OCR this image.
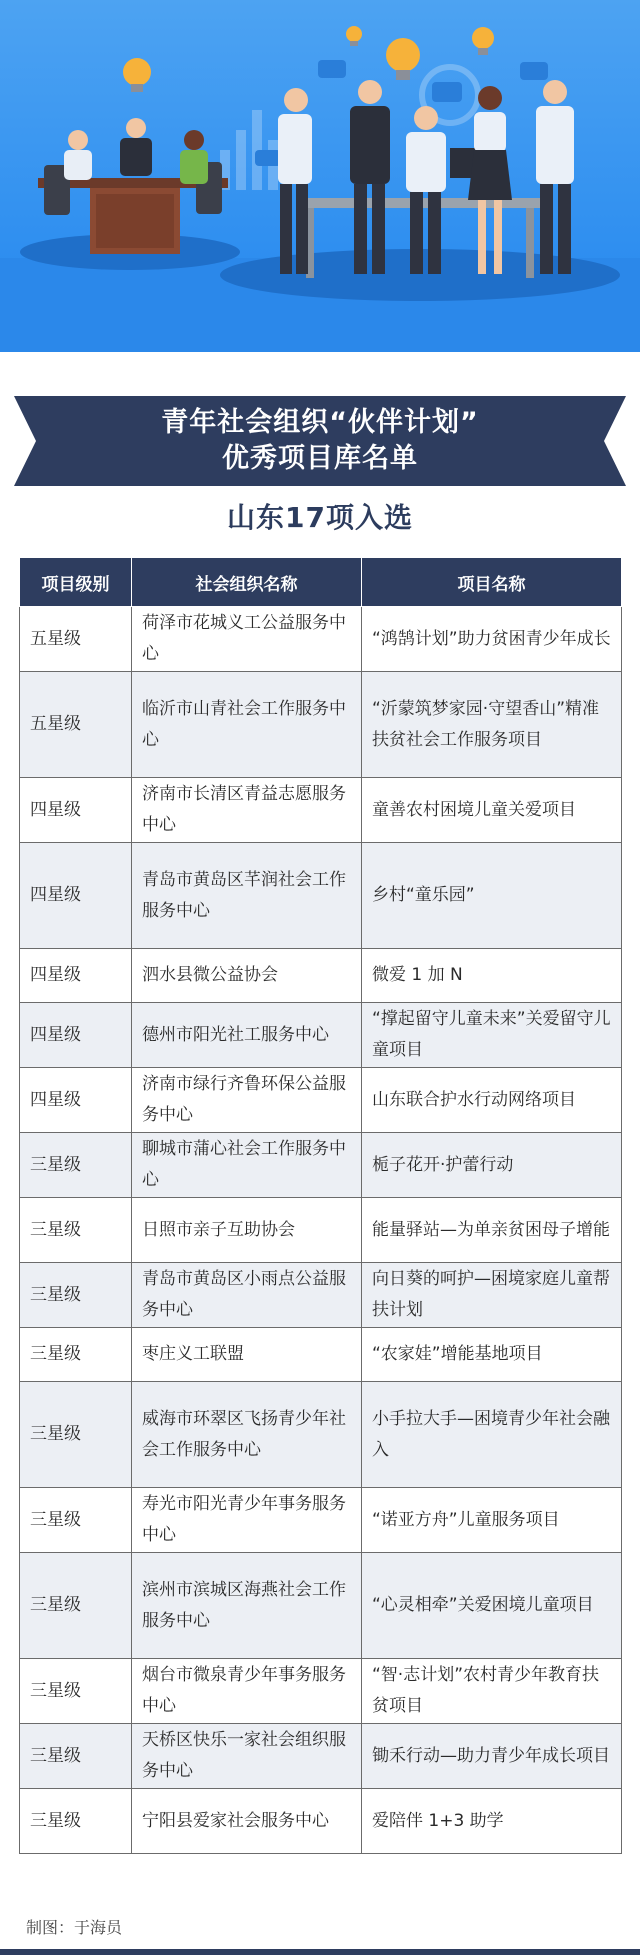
青年社会组织“伙伴计划”
优秀项目库名单
山东17项入选
项目级别	社会组织名称	项目名称
五星级	荷泽市花城义工公益服务中心	“鸿鹄计划”助力贫困青少年成长
五星级	临沂市山青社会工作服务中心	“沂蒙筑梦家园·守望香山”精准扶贫社会工作服务项目
四星级	济南市长清区青益志愿服务中心	童善农村困境儿童关爱项目
四星级	青岛市黄岛区芊润社会工作服务中心	乡村“童乐园”
四星级	泗水县微公益协会	微爱 1 加 N
四星级	德州市阳光社工服务中心	“撑起留守儿童未来”关爱留守儿童项目
四星级	济南市绿行齐鲁环保公益服务中心	山东联合护水行动网络项目
三星级	聊城市蒲心社会工作服务中心	栀子花开·护蕾行动
三星级	日照市亲子互助协会	能量驿站—为单亲贫困母子增能
三星级	青岛市黄岛区小雨点公益服务中心	向日葵的呵护—困境家庭儿童帮扶计划
三星级	枣庄义工联盟	“农家娃”增能基地项目
三星级	威海市环翠区飞扬青少年社会工作服务中心	小手拉大手—困境青少年社会融入
三星级	寿光市阳光青少年事务服务中心	“诺亚方舟”儿童服务项目
三星级	滨州市滨城区海燕社会工作服务中心	“心灵相牵”关爱困境儿童项目
三星级	烟台市微泉青少年事务服务中心	“智·志计划”农村青少年教育扶贫项目
三星级	天桥区快乐一家社会组织服务中心	锄禾行动—助力青少年成长项目
三星级	宁阳县爱家社会服务中心	爱陪伴 1+3 助学
制图：于海员
